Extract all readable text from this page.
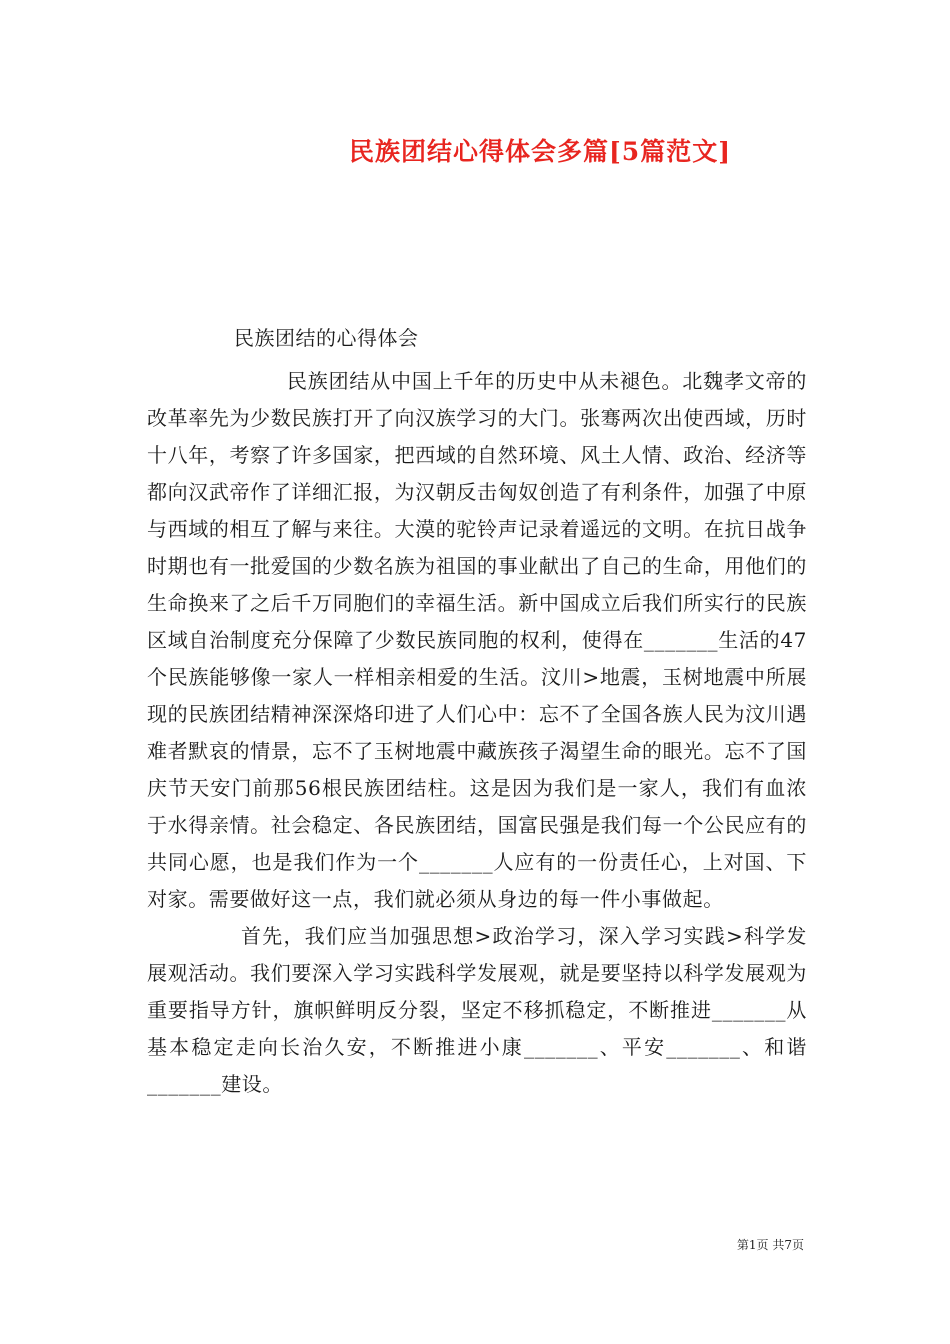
民族团结心得体会多篇[5篇范文]
民族团结的心得体会

民族团结从中国上千年的历史中从未褪色。北魏孝文帝的改革率先为少数民族打开了向汉族学习的大门。张骞两次出使西域，历时十八年，考察了许多国家，把西域的自然环境、风土人情、政治、经济等都向汉武帝作了详细汇报，为汉朝反击匈奴创造了有利条件，加强了中原与西域的相互了解与来往。大漠的驼铃声记录着遥远的文明。在抗日战争时期也有一批爱国的少数名族为祖国的事业献出了自己的生命，用他们的生命换来了之后千万同胞们的幸福生活。新中国成立后我们所实行的民族区域自治制度充分保障了少数民族同胞的权利，使得在_______生活的47个民族能够像一家人一样相亲相爱的生活。汶川>地震，玉树地震中所展现的民族团结精神深深烙印进了人们心中：忘不了全国各族人民为汶川遇难者默哀的情景，忘不了玉树地震中藏族孩子渴望生命的眼光。忘不了国庆节天安门前那56根民族团结柱。这是因为我们是一家人，我们有血浓于水得亲情。社会稳定、各民族团结，国富民强是我们每一个公民应有的共同心愿，也是我们作为一个_______人应有的一份责任心，上对国、下对家。需要做好这一点，我们就必须从身边的每一件小事做起。

首先，我们应当加强思想>政治学习，深入学习实践>科学发展观活动。我们要深入学习实践科学发展观，就是要坚持以科学发展观为重要指导方针，旗帜鲜明反分裂，坚定不移抓稳定，不断推进_______从基本稳定走向长治久安，不断推进小康_______、平安_______、和谐_______建设。

第1页 共7页
